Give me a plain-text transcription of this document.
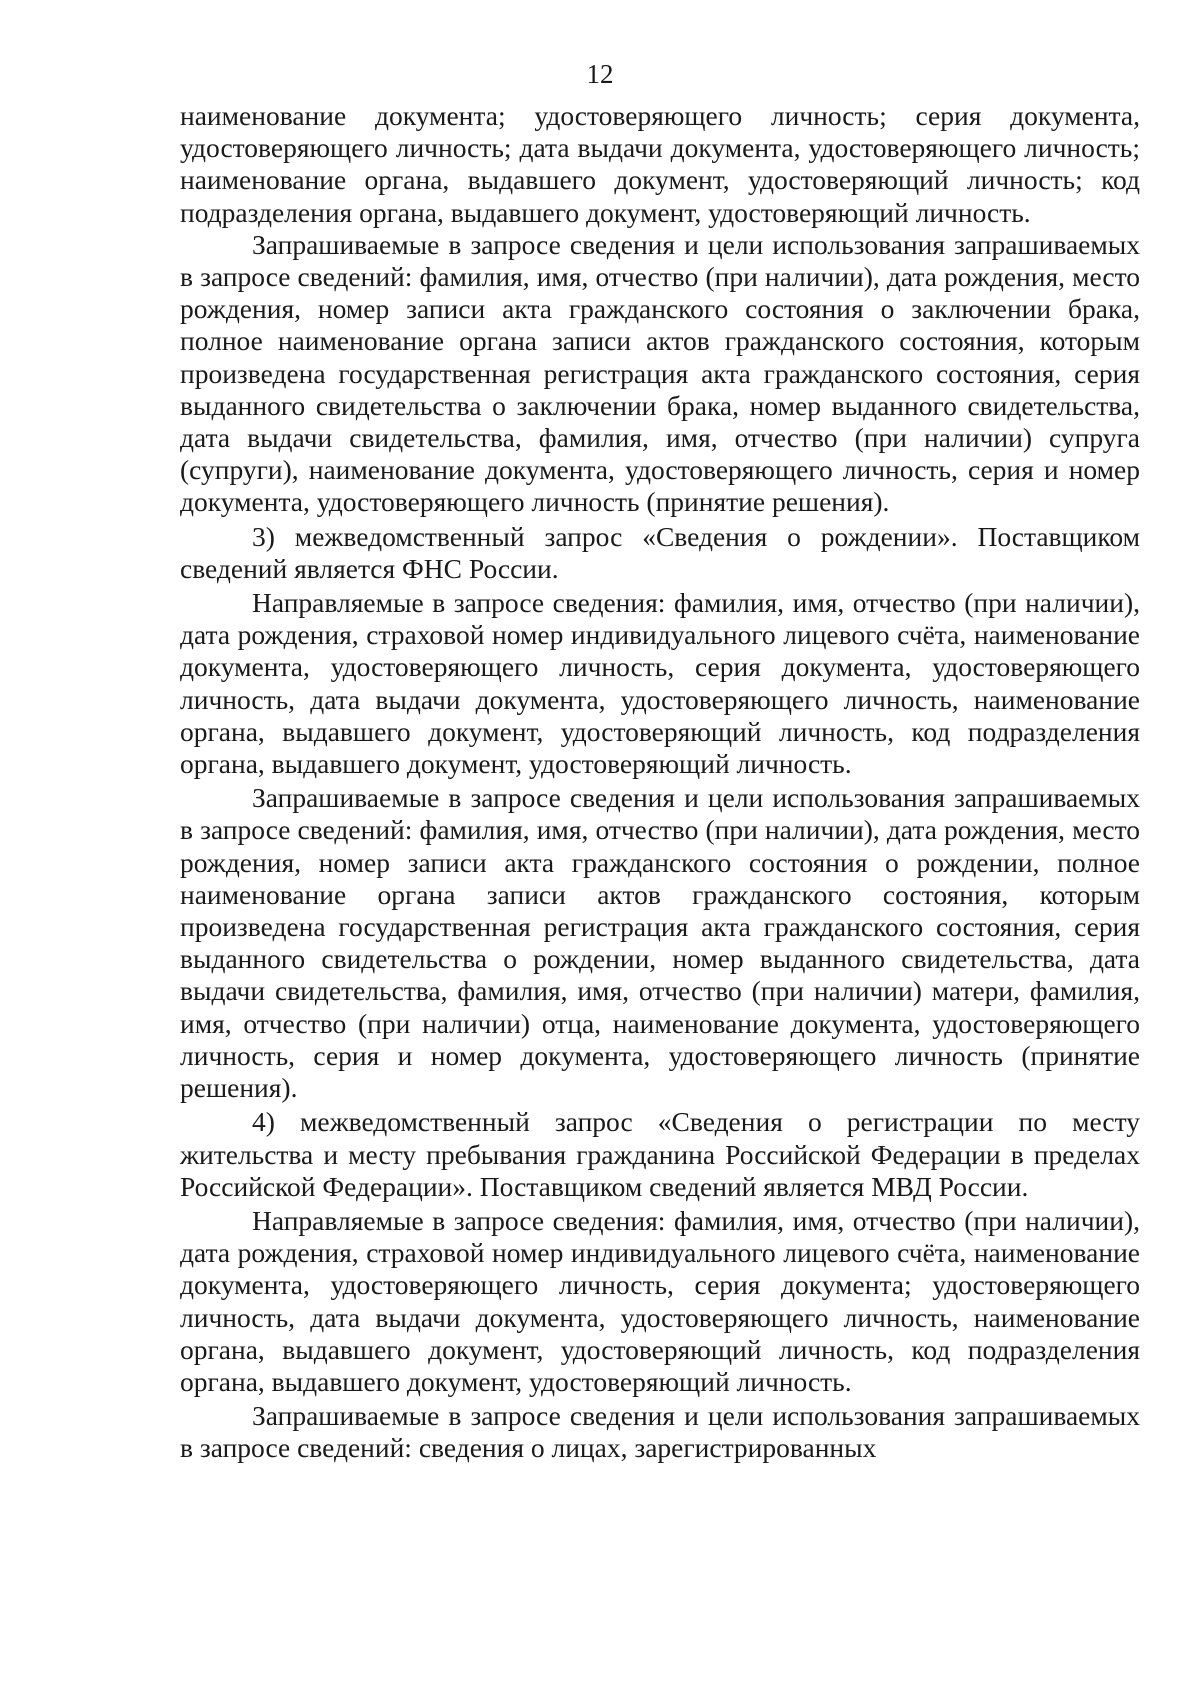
12

наименование документа; удостоверяющего личность; серия документа, удостоверяющего личность; дата выдачи документа, удостоверяющего личность; наименование органа, выдавшего документ, удостоверяющий личность; код подразделения органа, выдавшего документ, удостоверяющий личность.

Запрашиваемые в запросе сведения и цели использования запрашиваемых в запросе сведений: фамилия, имя, отчество (при наличии), дата рождения, место рождения, номер записи акта гражданского состояния о заключении брака, полное наименование органа записи актов гражданского состояния, которым произведена государственная регистрация акта гражданского состояния, серия выданного свидетельства о заключении брака, номер выданного свидетельства, дата выдачи свидетельства, фамилия, имя, отчество (при наличии) супруга (супруги), наименование документа, удостоверяющего личность, серия и номер документа, удостоверяющего личность (принятие решения).

3) межведомственный запрос «Сведения о рождении». Поставщиком сведений является ФНС России.

Направляемые в запросе сведения: фамилия, имя, отчество (при наличии), дата рождения, страховой номер индивидуального лицевого счёта, наименование документа, удостоверяющего личность, серия документа, удостоверяющего личность, дата выдачи документа, удостоверяющего личность, наименование органа, выдавшего документ, удостоверяющий личность, код подразделения органа, выдавшего документ, удостоверяющий личность.

Запрашиваемые в запросе сведения и цели использования запрашиваемых в запросе сведений: фамилия, имя, отчество (при наличии), дата рождения, место рождения, номер записи акта гражданского состояния о рождении, полное наименование органа записи актов гражданского состояния, которым произведена государственная регистрация акта гражданского состояния, серия выданного свидетельства о рождении, номер выданного свидетельства, дата выдачи свидетельства, фамилия, имя, отчество (при наличии) матери, фамилия, имя, отчество (при наличии) отца, наименование документа, удостоверяющего личность, серия и номер документа, удостоверяющего личность (принятие решения).

4) межведомственный запрос «Сведения о регистрации по месту жительства и месту пребывания гражданина Российской Федерации в пределах Российской Федерации». Поставщиком сведений является МВД России.

Направляемые в запросе сведения: фамилия, имя, отчество (при наличии), дата рождения, страховой номер индивидуального лицевого счёта, наименование документа, удостоверяющего личность, серия документа; удостоверяющего личность, дата выдачи документа, удостоверяющего личность, наименование органа, выдавшего документ, удостоверяющий личность, код подразделения органа, выдавшего документ, удостоверяющий личность.

Запрашиваемые в запросе сведения и цели использования запрашиваемых в запросе сведений: сведения о лицах, зарегистрированных
